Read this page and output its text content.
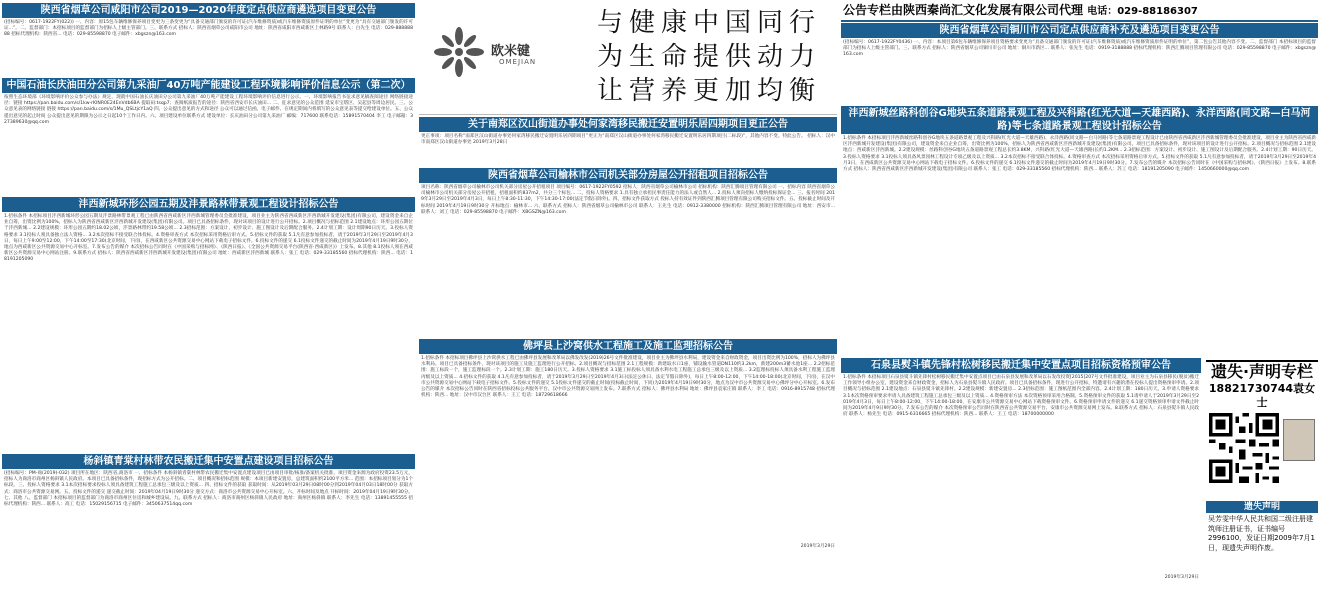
陕西省烟草公司咸阳市公司2019—2020年度定点供应商遴选项目变更公告
(招标编号：0617-1922FY(022)) 一、内容：原15包车辆维修保养项目变更为三条变更为“具备交通部门颁发的许可证(汽车维修资质)或汽车维修资质原件证明的单位”变更为“具有交通部门颁发的许可证...”。二、监督部门：本招标项目的监督部门为招标人上级主管部门。三、联系方式 招标人：陕西省烟草公司咸阳市公司 地址：陕西省咸阳市西咸新区上林路9号 联系人：白先生 电话：029-88888888 招标代理机构：陕西省... 电话：029-85598870 电子邮件：xbgszn@163.com
中国石油长庆油田分公司第九采油厂40万吨产能建设工程环境影响评价信息公示（第二次）
按照生态环境部《环境影响评价公众参与办法》规定，现就中国石油长庆油田分公司第九采油厂40万吨产能建设工程环境影响评价信息进行公示。一、环境影响报告书征求意见稿查阅途径 网络链接途径：链接 https://pan.baidu.com/s/1kw-rKINR0E24EnVdb6BA 提取码:tsqp7；查阅纸质报告的途径：陕西省西安市长庆油田... 二、征求意见的公众范围 延安市宝塔区、吴起县等周边居民。三、公众意见表的网络链接 链接 https://pan.baidu.com/s/1Mu_QSLtjcY1aQ 四、公众提出意见的方式和途径 公众可以通过信函、电子邮件、在规定期间内将填写的公众意见表等提交给建设单位。五、公众提出意见的起止时间 公众提出意见的期限为公示之日起10个工作日内。六、项目建设单位联系方式 建设单位：长庆油田分公司第九采油厂 邮编：717600 联系电话：15891570404 李工 电子邮箱：327389630@qq.com
沣西新城环形公园五期及沣景路林带景观工程设计招标公告
1.招标条件 本招标项目沣西新城环形公园五期及沣景路林带景观工程已由陕西省西咸新区沣西新城管理委员会批准建设，项目业主为陕西省西咸新区沣西新城开发建设(集团)有限公司，建设资金来自企业自筹，出资比例为100%，招标人为陕西省西咸新区沣西新城开发建设(集团)有限公司。项目已具备招标条件，现对该项目的设计进行公开招标。2.项目概况与招标范围 2.1建设地点：环形公园五期位于沣西新城... 2.2建设规模：环形公园五期约18.02公顷，沣景路林带约19.58公顷... 2.3招标范围：方案设计、初步设计、施工图设计及后期配合服务。2.4计划工期：设计周期90日历天。3.投标人资格要求 3.1投标人须具备独立法人资格... 3.2本次招标不接受联合体投标。4.资格审查方式 本次招标采用资格后审方式。5.招标文件的获取 5.1凡有意参加投标者，请于2019年3月29日至2019年4月3日，每日上午9:00至12:00，下午14:00至17:30(北京时间，下同)，在西咸新区公共资源交易中心网站下载电子招标文件。6.投标文件的递交 6.1投标文件递交的截止时间为2019年4月19日9时30分，地点为西咸新区公共资源交易中心开标室。7.发布公告的媒介 本次招标公告同时在《中国采购与招标网》、《陕西日报》、《全国公共资源交易平台(陕西省·西咸新区)》上发布。8.其他 8.1投标人须在西咸新区公共资源交易中心网站注册。9.联系方式 招标人：陕西省西咸新区沣西新城开发建设(集团)有限公司 地址：西咸新区沣西新城 联系人：张工 电话：029-33185560 招标代理机构：陕西... 电话：18191205090
杨斜镇青棠村林带农民搬迁集中安置点建设项目招标公告
(招标编号：PM-商(2019)-032) 项目所在地区：陕西省,商洛市 一、招标条件 本杨斜镇青棠村林带农民搬迁集中安置点建设项目已由项目审批/核准/备案机关批准，项目资金来源为政府投资23.5万元，招标人为商洛市商州区杨斜镇人民政府。本项目已具备招标条件，现招标方式为公开招标。二、项目概况和招标范围 规模：本项目新建安置房，总建筑面积约2100平方米... 范围：本招标项目划分为1个标段。三、投标人资格要求 3.1本次招标要求投标人须具备建筑工程施工总承包三级及以上资质... 四、招标文件的获取 获取时间：从2019年03月29日08时00分到2019年04月03日18时00分 获取方式：商洛市公共资源交易网。五、投标文件的递交 递交截止时间：2019年04月19日9时30分 递交方式：商洛市公共资源交易中心开标室。六、开标时间及地点 开标时间：2019年04月19日9时30分。七、其他 八、监督部门 本招标项目的监督部门为商洛市商州区住房和城乡建设局。九、联系方式 招标人：商洛市商州区杨斜镇人民政府 地址：商州区杨斜镇 联系人：李先生 电话：13891455555 招标代理机构：陕西... 联系人：高工 电话：15029156715 电子邮件：3450637514qq.com
欧米键
OMEJIAN
与健康中国同行
为生命提供动力
让营养更加均衡
关于南郑区汉山街道办事处何家湾移民搬迁安置明乐居四期项目更正公告
更正事项：项目名称“南郑区汉山街道办事处何家湾移民搬迁安置明乐居四期项目”更正为“南郑区汉山街道办事处何家湾移民搬迁安置明乐居四期项目(二标段)”，其他内容不变。特此公告。 招标人：汉中市南郑区汉山街道办事处 2019年3月28日
陕西省烟草公司榆林市公司机关部分房屋公开招租项目招标公告
项目名称：陕西省烟草公司榆林市公司机关部分房屋公开招租项目 项目编号：0617-1922FY0592 招标人：陕西省烟草公司榆林市公司 招标机构：陕西汇腾项目管理有限公司 一、招标内容 陕西省烟草公司榆林市公司机关部分房屋公开招租，招租面积约837m2，共分三个标包... 二、投标人资格要求 1.具有独立承担民事责任能力的法人或自然人... 2.投标人须向招标人缴纳投标保证金... 三、报名时间 2019年3月29日至2019年4月3日，每日上午8:30-11:30，下午14:30-17:00(法定节假日除外)。四、招标文件获取方式 投标人持有效证件到陕西汇腾项目管理有限公司购买招标文件。五、投标截止时间及开标时间 2019年4月19日9时30分 开标地点：榆林市... 六、联系方式 招标人：陕西省烟草公司榆林市公司 联系人：王先生 电话：0912-3380000 招标机构：陕西汇腾项目管理有限公司 地址：西安市... 联系人：刘工 电话：029-85598870 电子邮件：XBGSZN@163.com
佛坪县上沙窝供水工程施工及施工监理招标公告
1.招标条件 本招标项目佛坪县上沙窝供水工程已由佛坪县发展和改革局以佛发改发(2019)26号文件批准建设，项目业主为佛坪县水利局，建设资金来自财政资金，项目出资比例为100%，招标人为佛坪县水利局。项目已具备招标条件，现对该项目的施工及施工监理进行公开招标。2.项目概况与招标范围 2.1工程规模：新建取水口1座，铺设输水管道DN110约3.2km，新建200m3蓄水池1座... 2.2招标范围：施工标段一个，施工监理标段一个。2.3计划工期：施工180日历天。3.投标人资格要求 3.1施工标投标人须具备水利水电工程施工总承包三级及以上资质... 3.2监理标投标人须具备水利工程施工监理丙级及以上资质... 4.招标文件的获取 4.1凡有意参加投标者，请于2019年3月29日至2019年4月3日(法定公休日、法定节假日除外)，每日上午8:00-12:00，下午14:00-18:00(北京时间，下同)，在汉中市公共资源交易中心网站下载电子招标文件。5.投标文件的递交 5.1投标文件递交的截止时间(投标截止时间，下同)为2019年4月19日9时30分，地点为汉中市公共资源交易中心佛坪分中心开标室。6.发布公告的媒介 本次招标公告同时在陕西省招标投标公共服务平台、汉中市公共资源交易网上发布。7.联系方式 招标人：佛坪县水利局 地址：佛坪县袁家庄镇 联系人：李工 电话：0916-8915748 招标代理机构：陕西... 地址：汉中市汉台区 联系人：王工 电话：18729618666
2019年3月29日
公告专栏由陕西秦尚汇文化发展有限公司代理 电话：029-88186307
陕西省烟草公司铜川市公司定点供应商补充及遴选项目变更公告
(招标编号：0617-1922FY0436) 一、内容：本项目第6包车辆维修保养项目资格要求变更为“具备交通部门颁发的许可证(汽车维修资质)或汽车维修资质原件证明的单位”，第二包公告其他内容不变。二、监督部门 本招标项目的监督部门为招标人上级主管部门。三、联系方式 招标人：陕西省烟草公司铜川市公司 地址：铜川市新区... 联系人：张先生 电话：0919-3188888 招标代理机构：陕西汇腾项目管理有限公司 电话：029-85598870 电子邮件：xbgszn@163.com
沣西新城丝路科创谷G地块五条道路景观工程及兴科路(红光大道—天雄西路)、永洋西路(同文路—白马河路)等七条道路景观工程设计招标公告
1.招标条件 本招标项目沣西新城丝路科创谷G地块五条道路景观工程及兴科路(红光大道—天雄西路)、永洋西路(同文路—白马河路)等七条道路景观工程设计已由陕西省西咸新区沣西新城管理委员会批准建设，项目业主为陕西省西咸新区沣西新城开发建设(集团)有限公司，建设资金来自企业自筹，出资比例为100%，招标人为陕西省西咸新区沣西新城开发建设(集团)有限公司。项目已具备招标条件，现对该项目的设计进行公开招标。2.项目概况与招标范围 2.1建设地点：西咸新区沣西新城。2.2建设规模：丝路科创谷G地块五条道路景观工程总长约3.8KM，兴科路(红光大道—天雄西路)长约1.2KM... 2.3招标范围：方案设计、初步设计、施工图设计及后期配合服务。2.4计划工期：90日历天。3.投标人资格要求 3.1投标人须具备风景园林工程设计专项乙级及以上资质... 3.2本次招标不接受联合体投标。4.资格审查方式 本次招标采用资格后审方式。5.招标文件的获取 5.1凡有意参加投标者，请于2019年3月29日至2019年4月3日，在西咸新区公共资源交易中心网站下载电子招标文件。6.投标文件的递交 6.1投标文件递交的截止时间为2019年4月19日9时30分。7.发布公告的媒介 本次招标公告同时在《中国采购与招标网》、《陕西日报》上发布。8.联系方式 招标人：陕西省西咸新区沣西新城开发建设(集团)有限公司 联系人：张工 电话：029-33185560 招标代理机构：陕西... 联系人：苏工 电话：18191205090 电子邮件：1450660000@qq.com
石泉县熨斗镇先锋村松树移民搬迁集中安置点项目招标资格预审公告
1.招标条件 本招标项目石泉县熨斗镇先锋村松树移民搬迁集中安置点项目已由石泉县发展和改革局以石发改投资[2015]207号文件批准建设，项目业主为石泉县移民(脱贫)搬迁工作领导小组办公室，建设资金来自财政资金，招标人为石泉县熨斗镇人民政府。项目已具备招标条件，现进行公开招标，特邀请有兴趣的潜在投标人提出资格预审申请。2.项目概况与招标范围 2.1建设地点：石泉县熨斗镇先锋村。2.2建设规模：新建安置房... 2.3招标范围：施工图纸范围内全部内容。2.4计划工期：180日历天。3.申请人资格要求 3.1本次资格预审要求申请人具备建筑工程施工总承包三级及以上资质... 4.资格预审方法 本次资格预审采用合格制。5.资格预审文件的获取 5.1请申请人于2019年3月29日至2019年4月3日，每日上午8:00-12:00，下午14:00-18:00，在安康市公共资源交易中心网站下载资格预审文件。6.资格预审申请文件的递交 6.1递交资格预审申请文件截止时间为2019年4月9日9时30分。7.发布公告的媒介 本次资格预审公告同时在陕西省公共资源交易平台、安康市公共资源交易网上发布。8.联系方式 招标人：石泉县熨斗镇人民政府 联系人：杨先生 电话：0915-6316665 招标代理机构：陕西... 联系人：王工 电话：18700000000
2019年3月29日
遗失·声明专栏
18821730744袁女士
遗失声明
吴芳雯中华人民共和国二级注册建筑师注册证书，证书编号2996100，发证日期2009年7月1日，现遗失声明作废。
